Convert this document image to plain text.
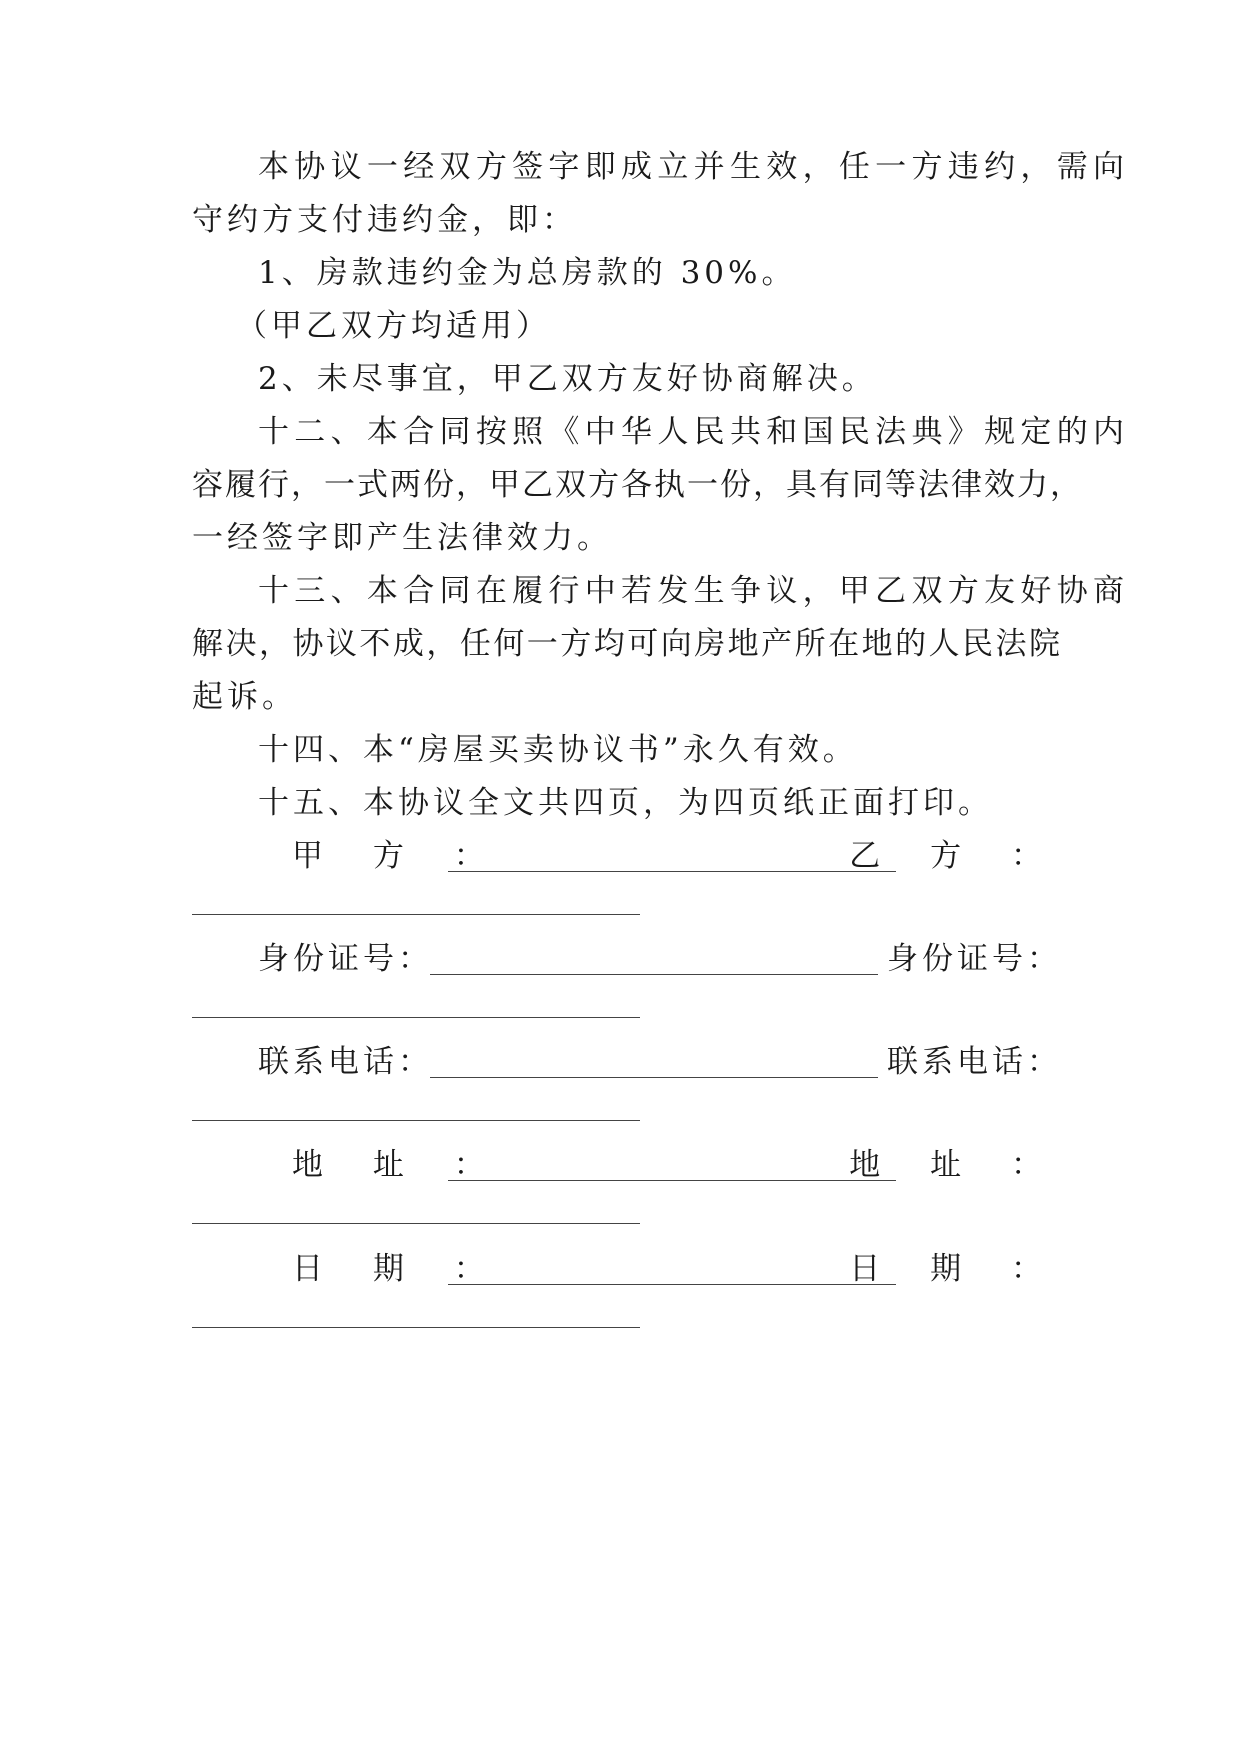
本协议一经双方签字即成立并生效，任一方违约，需向
守约方支付违约金，即：
1、房款违约金为总房款的 30%。
（甲乙双方均适用）
2、未尽事宜，甲乙双方友好协商解决。
十二、本合同按照《中华人民共和国民法典》规定的内
容履行，一式两份，甲乙双方各执一份，具有同等法律效力，
一经签字即产生法律效力。
十三、本合同在履行中若发生争议，甲乙双方友好协商
解决，协议不成，任何一方均可向房地产所在地的人民法院
起诉。
十四、本“房屋买卖协议书”永久有效。
十五、本协议全文共四页，为四页纸正面打印。
甲 方 ：	乙 方 ：
身份证号：	身份证号：
联系电话：	联系电话：
地 址 ：	地 址 ：
日 期 ：	日 期 ：
